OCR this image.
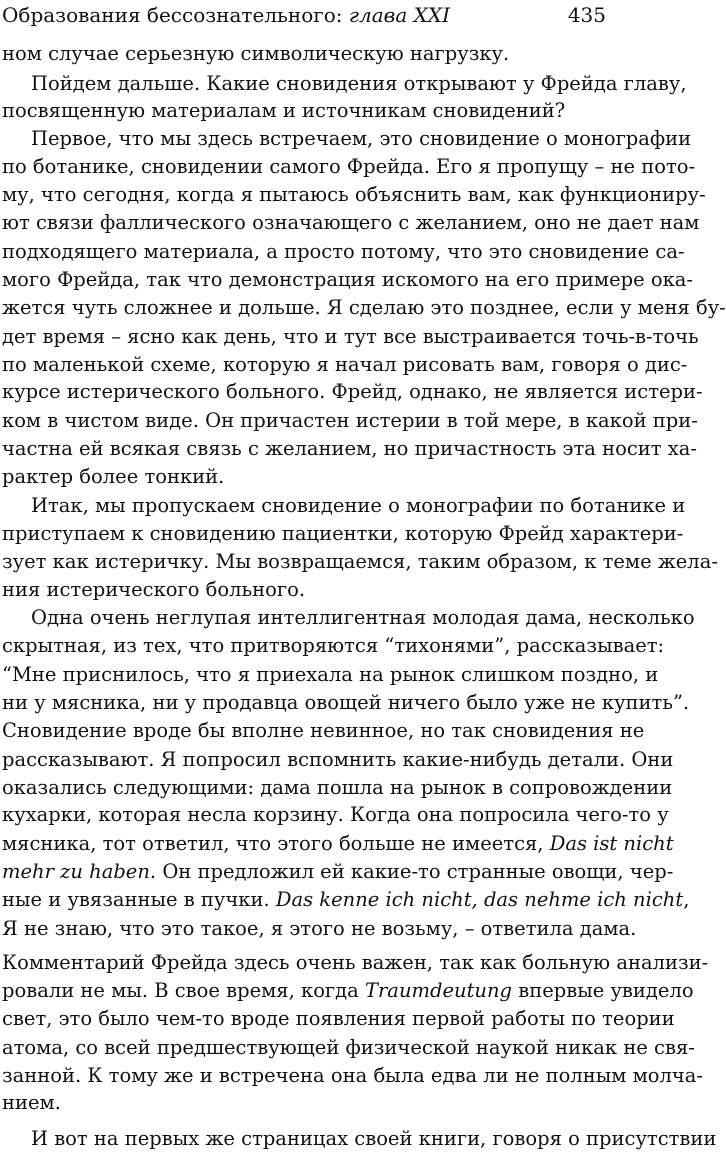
Образования бессознательного: глава XXI	435
ном случае серьезную символическую нагрузку.
Пойдем дальше. Какие сновидения открывают у Фрейда главу,
посвященную материалам и источникам сновидений?
Первое, что мы здесь встречаем, это сновидение о монографии
по ботанике, сновидении самого Фрейда. Его я пропущу – не пото-
му, что сегодня, когда я пытаюсь объяснить вам, как функциониру-
ют связи фаллического означающего с желанием, оно не дает нам
подходящего материала, а просто потому, что это сновидение са-
мого Фрейда, так что демонстрация искомого на его примере ока-
жется чуть сложнее и дольше. Я сделаю это позднее, если у меня бу-
дет время – ясно как день, что и тут все выстраивается точь-в-точь
по маленькой схеме, которую я начал рисовать вам, говоря о дис-
курсе истерического больного. Фрейд, однако, не является истери-
ком в чистом виде. Он причастен истерии в той мере, в какой при-
частна ей всякая связь с желанием, но причастность эта носит ха-
рактер более тонкий.
Итак, мы пропускаем сновидение о монографии по ботанике и
приступаем к сновидению пациентки, которую Фрейд характери-
зует как истеричку. Мы возвращаемся, таким образом, к теме жела-
ния истерического больного.
Одна очень неглупая интеллигентная молодая дама, несколько
скрытная, из тех, что притворяются “тихонями”, рассказывает:
“Мне приснилось, что я приехала на рынок слишком поздно, и
ни у мясника, ни у продавца овощей ничего было уже не купить”.
Сновидение вроде бы вполне невинное, но так сновидения не
рассказывают. Я попросил вспомнить какие-нибудь детали. Они
оказались следующими: дама пошла на рынок в сопровождении
кухарки, которая несла корзину. Когда она попросила чего-то у
мясника, тот ответил, что этого больше не имеется, Das ist nicht
mehr zu haben. Он предложил ей какие-то странные овощи, чер-
ные и увязанные в пучки. Das kenne ich nicht, das nehme ich nicht,
Я не знаю, что это такое, я этого не возьму, – ответила дама.
Комментарий Фрейда здесь очень важен, так как больную анализи-
ровали не мы. В свое время, когда Traumdeutung впервые увидело
свет, это было чем-то вроде появления первой работы по теории
атома, со всей предшествующей физической наукой никак не свя-
занной. К тому же и встречена она была едва ли не полным молча-
нием.
И вот на первых же страницах своей книги, говоря о присутствии
